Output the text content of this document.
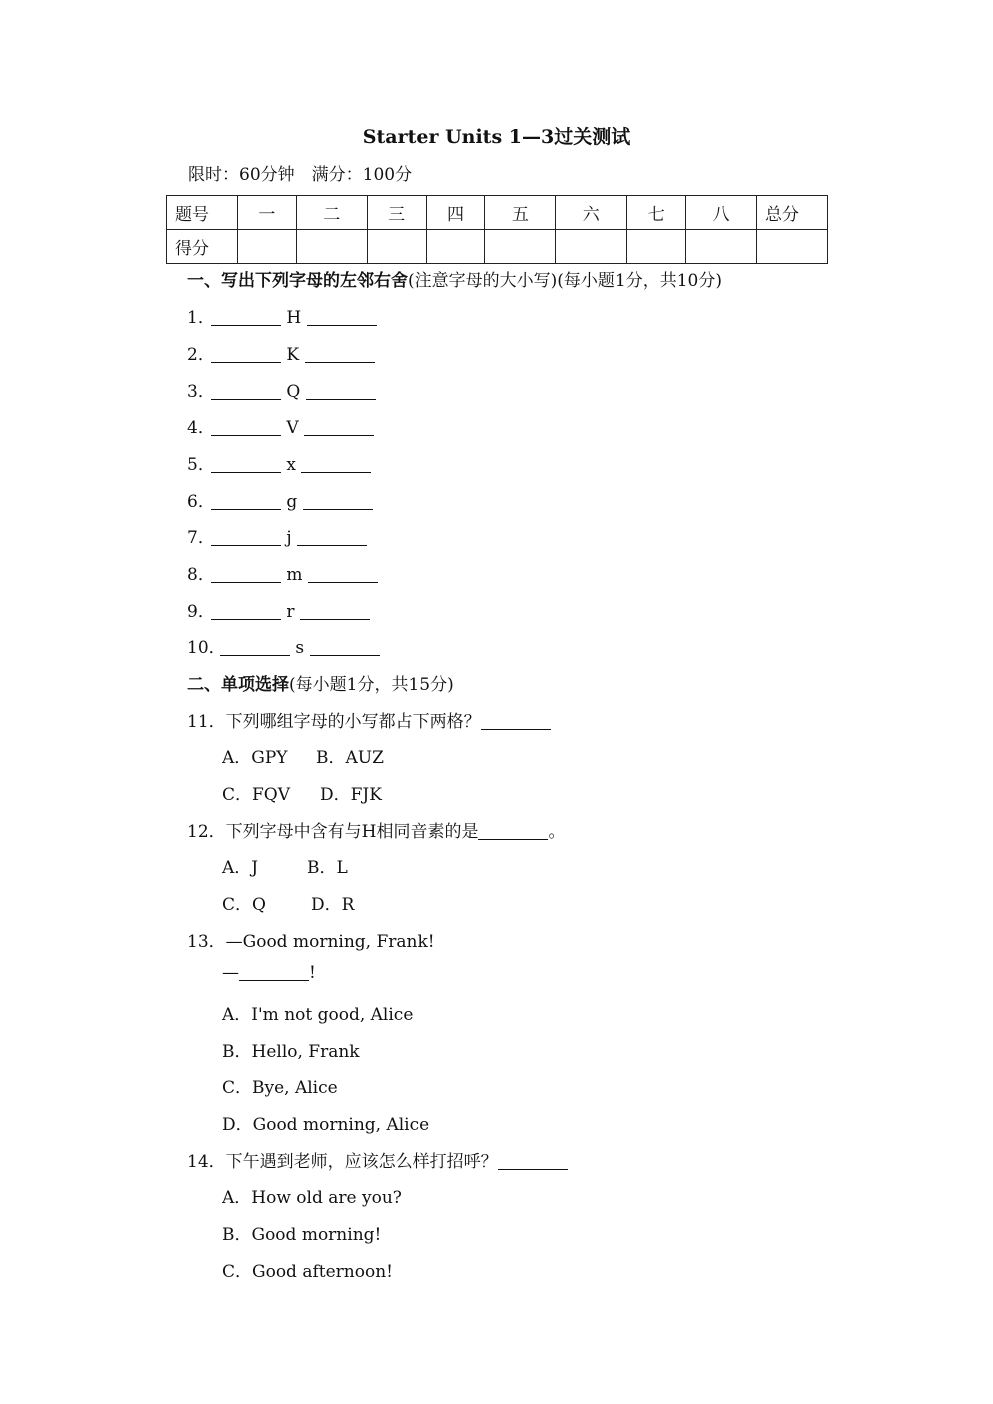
Starter Units 1—3过关测试
限时：60分钟　满分：100分
题号	一	二	三	四	五	六	七	八	总分
得分									
一、写出下列字母的左邻右舍(注意字母的大小写)(每小题1分，共10分)
1．	H
2．	K
3．	Q
4．	V
5．	x
6．	g
7．	j
8．	m
9．	r
10．	s
二、单项选择(每小题1分，共15分)
11．下列哪组字母的小写都占下两格？
A．GPY B．AUZ
C．FQV D．FJK
12．下列字母中含有与H相同音素的是	。
A．J	B．L
C．Q	D．R
13．—Good morning, Frank!
—	!
A．I'm not good, Alice
B．Hello, Frank
C．Bye, Alice
D．Good morning, Alice
14．下午遇到老师，应该怎么样打招呼？
A．How old are you?
B．Good morning!
C．Good afternoon!
